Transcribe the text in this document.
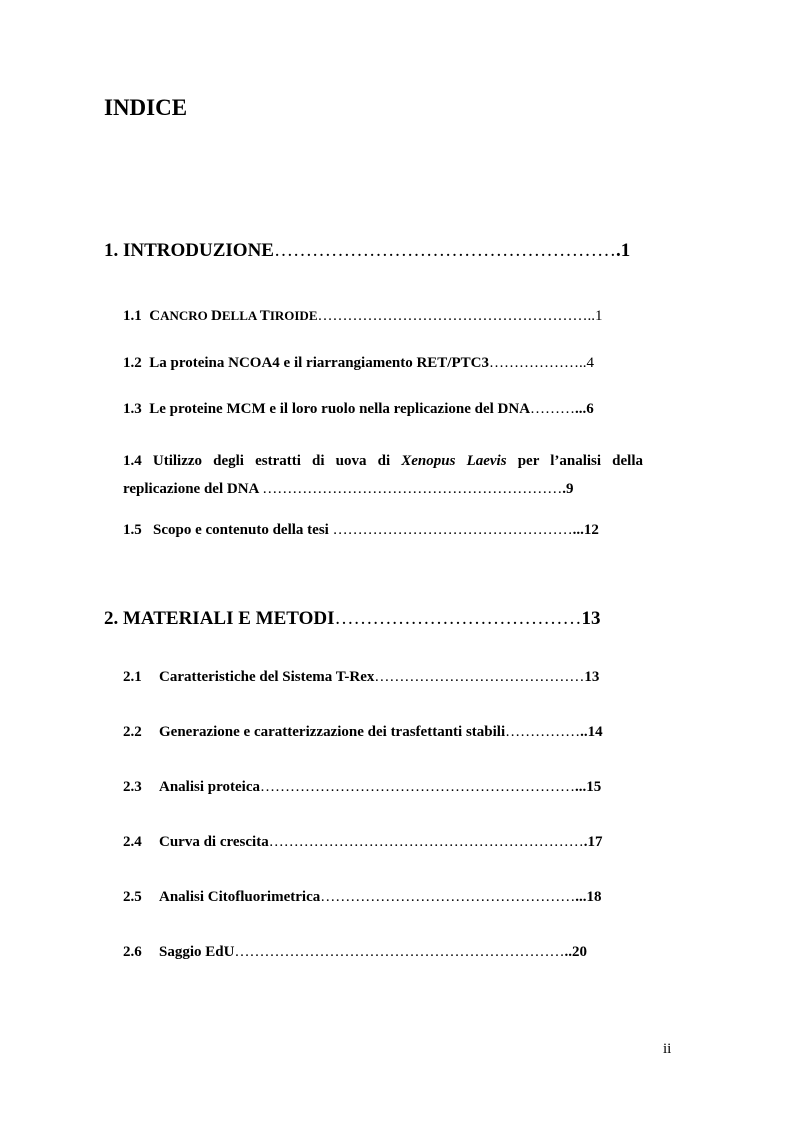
INDICE
1. INTRODUZIONE……………………………………………….1
1.1 CANCRO DELLA TIROIDE………………………………………………..1
1.2 La proteina NCOA4 e il riarrangiamento RET/PTC3………………..4
1.3 Le proteine MCM e il loro ruolo nella replicazione del DNA………...6
1.4 Utilizzo degli estratti di uova di Xenopus Laevis per l’analisi della
replicazione del DNA …………………………………………………….9
1.5 Scopo e contenuto della tesi …………………………………………...12
2. MATERIALI E METODI…………………………………13
2.1 Caratteristiche del Sistema T-Rex……………………………………13
2.2 Generazione e caratterizzazione dei trasfettanti stabili……………..14
2.3 Analisi proteica………………………………………………………...15
2.4 Curva di crescita……………………………………………………….17
2.5 Analisi Citofluorimetrica……………………………………………...18
2.6 Saggio EdU…………………………………………………………..20
ii
